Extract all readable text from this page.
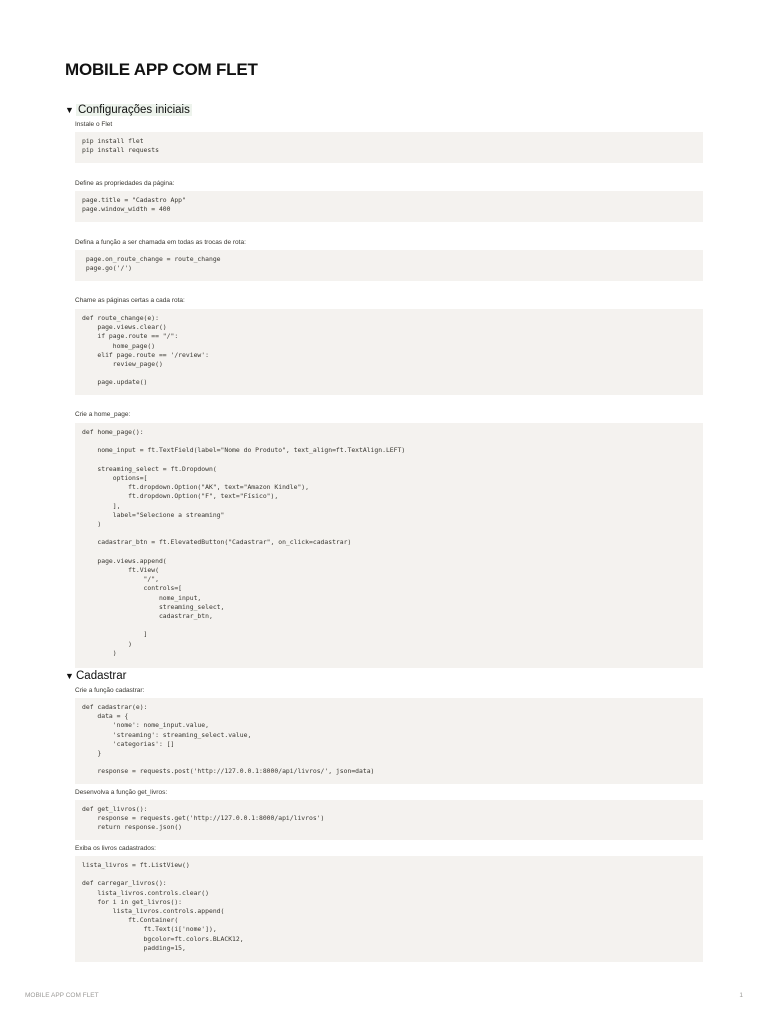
MOBILE APP COM FLET
▼ Configurações iniciais

Instale o Flet

pip install flet
pip install requests

Define as propriedades da página:

page.title = "Cadastro App"
page.window_width = 400

Defina a função a ser chamada em todas as trocas de rota:

page.on_route_change = route_change
page.go('/')

Chame as páginas certas a cada rota:

def route_change(e):
page.views.clear()
if page.route == "/":
home_page()
elif page.route == '/review':
review_page()

page.update()

Crie a home_page:

def home_page():

nome_input = ft.TextField(label="Nome do Produto", text_align=ft.TextAlign.LEFT)

streaming_select = ft.Dropdown(
options=[
ft.dropdown.Option("AK", text="Amazon Kindle"),
ft.dropdown.Option("F", text="Físico"),
],
label="Selecione a streaming"
)

cadastrar_btn = ft.ElevatedButton("Cadastrar", on_click=cadastrar)

page.views.append(
ft.View(
"/",
controls=[
nome_input,
streaming_select,
cadastrar_btn,

]
)
)
▼ Cadastrar

Crie a função cadastrar:

def cadastrar(e):
data = {
'nome': nome_input.value,
'streaming': streaming_select.value,
'categorias': []
}

response = requests.post('http://127.0.0.1:8000/api/livros/', json=data)

Desenvolva a função get_livros:

def get_livros():
response = requests.get('http://127.0.0.1:8000/api/livros')
return response.json()

Exiba os livros cadastrados:

lista_livros = ft.ListView()

def carregar_livros():
lista_livros.controls.clear()
for i in get_livros():
lista_livros.controls.append(
ft.Container(
ft.Text(i['nome']),
bgcolor=ft.colors.BLACK12,
padding=15,
MOBILE APP COM FLET	1
